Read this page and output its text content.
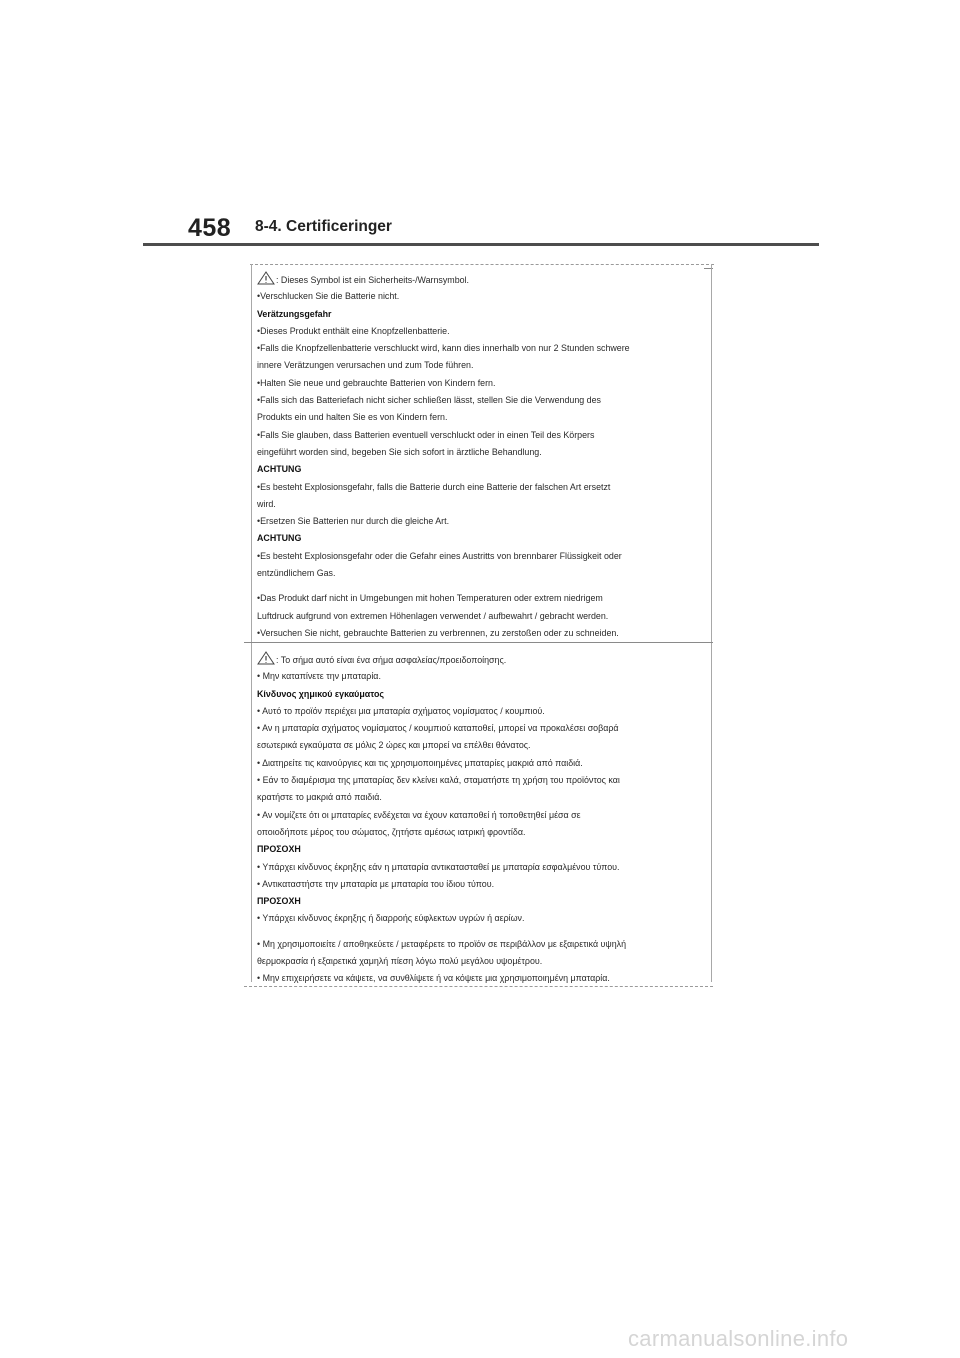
458 8-4. Certificeringer
: Dieses Symbol ist ein Sicherheits-/Warnsymbol.
•Verschlucken Sie die Batterie nicht.
Verätzungsgefahr
•Dieses Produkt enthält eine Knopfzellenbatterie.
•Falls die Knopfzellenbatterie verschluckt wird, kann dies innerhalb von nur 2 Stunden schwere
innere Verätzungen verursachen und zum Tode führen.
•Halten Sie neue und gebrauchte Batterien von Kindern fern.
•Falls sich das Batteriefach nicht sicher schließen lässt, stellen Sie die Verwendung des
Produkts ein und halten Sie es von Kindern fern.
•Falls Sie glauben, dass Batterien eventuell verschluckt oder in einen Teil des Körpers
eingeführt worden sind, begeben Sie sich sofort in ärztliche Behandlung.
ACHTUNG
•Es besteht Explosionsgefahr, falls die Batterie durch eine Batterie der falschen Art ersetzt
wird.
•Ersetzen Sie Batterien nur durch die gleiche Art.
ACHTUNG
•Es besteht Explosionsgefahr oder die Gefahr eines Austritts von brennbarer Flüssigkeit oder
entzündlichem Gas.
•Das Produkt darf nicht in Umgebungen mit hohen Temperaturen oder extrem niedrigem
Luftdruck aufgrund von extremen Höhenlagen verwendet / aufbewahrt / gebracht werden.
•Versuchen Sie nicht, gebrauchte Batterien zu verbrennen, zu zerstoßen oder zu schneiden.
: Το σήμα αυτό είναι ένα σήμα ασφαλείας/προειδοποίησης.
• Μην καταπίνετε την μπαταρία.
Κίνδυνος χημικού εγκαύματος
• Αυτό το προϊόν περιέχει μια μπαταρία σχήματος νομίσματος / κουμπιού.
• Αν η μπαταρία σχήματος νομίσματος / κουμπιού καταποθεί, μπορεί να προκαλέσει σοβαρά
εσωτερικά εγκαύματα σε μόλις 2 ώρες και μπορεί να επέλθει θάνατος.
• Διατηρείτε τις καινούργιες και τις χρησιμοποιημένες μπαταρίες μακριά από παιδιά.
• Εάν το διαμέρισμα της μπαταρίας δεν κλείνει καλά, σταματήστε τη χρήση του προϊόντος και
κρατήστε το μακριά από παιδιά.
• Αν νομίζετε ότι οι μπαταρίες ενδέχεται να έχουν καταποθεί ή τοποθετηθεί μέσα σε
οποιοδήποτε μέρος του σώματος, ζητήστε αμέσως ιατρική φροντίδα.
ΠΡΟΣΟΧΗ
• Υπάρχει κίνδυνος έκρηξης εάν η μπαταρία αντικατασταθεί με μπαταρία εσφαλμένου τύπου.
• Αντικαταστήστε την μπαταρία με μπαταρία του ίδιου τύπου.
ΠΡΟΣΟΧΗ
• Υπάρχει κίνδυνος έκρηξης ή διαρροής εύφλεκτων υγρών ή αερίων.
• Μη χρησιμοποιείτε / αποθηκεύετε / μεταφέρετε το προϊόν σε περιβάλλον με εξαιρετικά υψηλή
θερμοκρασία ή εξαιρετικά χαμηλή πίεση λόγω πολύ μεγάλου υψομέτρου.
• Μην επιχειρήσετε να κάψετε, να συνθλίψετε ή να κόψετε μια χρησιμοποιημένη μπαταρία.
carmanualsonline.info
